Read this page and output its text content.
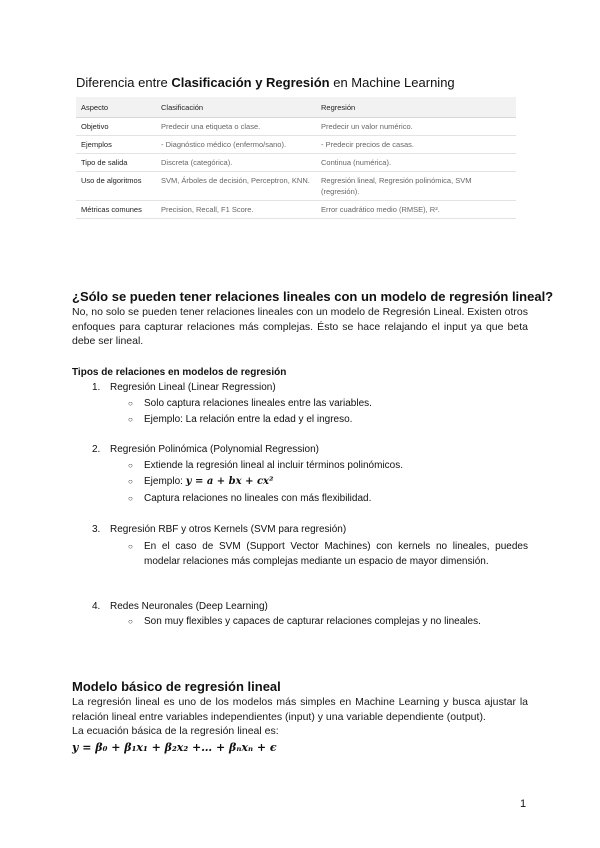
Diferencia entre Clasificación y Regresión en Machine Learning
Aspecto	Clasificación	Regresión
Objetivo	Predecir una etiqueta o clase.	Predecir un valor numérico.
Ejemplos	- Diagnóstico médico (enfermo/sano).	- Predecir precios de casas.
Tipo de salida	Discreta (categórica).	Continua (numérica).
Uso de algoritmos	SVM, Árboles de decisión, Perceptron, KNN.	Regresión lineal, Regresión polinómica, SVM (regresión).
Métricas comunes	Precision, Recall, F1 Score.	Error cuadrático medio (RMSE), R².
¿Sólo se pueden tener relaciones lineales con un modelo de regresión lineal?
No, no solo se pueden tener relaciones lineales con un modelo de Regresión Lineal. Existen otros enfoques para capturar relaciones más complejas. Ésto se hace relajando el input ya que beta debe ser lineal.
Tipos de relaciones en modelos de regresión
1. Regresión Lineal (Linear Regression)
○ Solo captura relaciones lineales entre las variables.
○ Ejemplo: La relación entre la edad y el ingreso.
2. Regresión Polinómica (Polynomial Regression)
○ Extiende la regresión lineal al incluir términos polinómicos.
○ Ejemplo: y = a + bx + cx²
○ Captura relaciones no lineales con más flexibilidad.
3. Regresión RBF y otros Kernels (SVM para regresión)
○ En el caso de SVM (Support Vector Machines) con kernels no lineales, puedes modelar relaciones más complejas mediante un espacio de mayor dimensión.
4. Redes Neuronales (Deep Learning)
○ Son muy flexibles y capaces de capturar relaciones complejas y no lineales.
Modelo básico de regresión lineal
La regresión lineal es uno de los modelos más simples en Machine Learning y busca ajustar la relación lineal entre variables independientes (input) y una variable dependiente (output).
La ecuación básica de la regresión lineal es:
y = β₀ + β₁x₁ + β₂x₂ +… + βₙxₙ + ϵ
1
